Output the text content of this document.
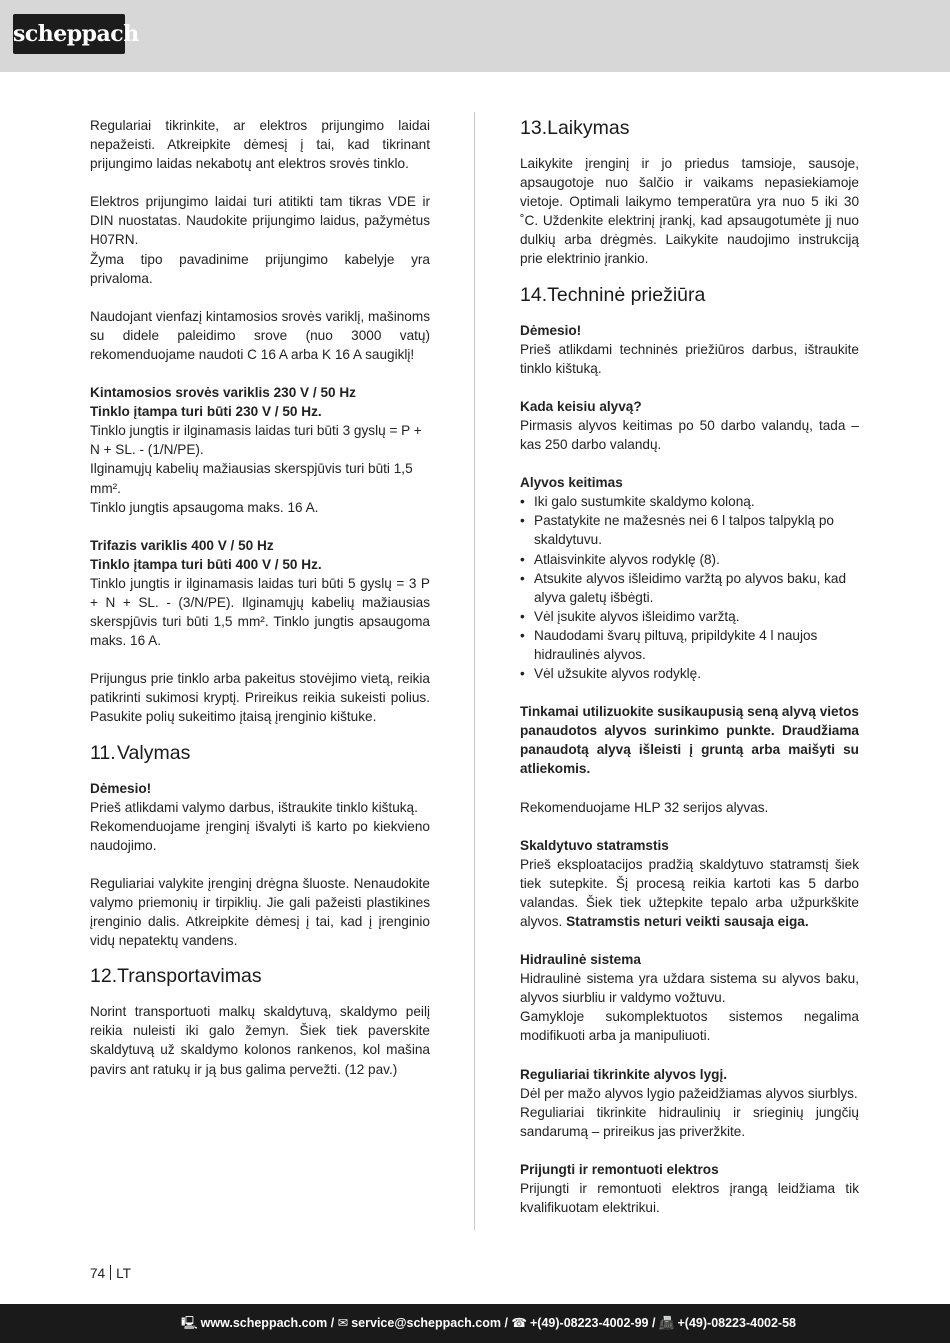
scheppach
Regulariai tikrinkite, ar elektros prijungimo laidai nepažeisti. Atkreipkite dėmesį į tai, kad tikrinant prijungimo laidas nekabotų ant elektros srovės tinklo.
Elektros prijungimo laidai turi atitikti tam tikras VDE ir DIN nuostatas. Naudokite prijungimo laidus, pažymėtus H07RN.
Žyma tipo pavadinime prijungimo kabelyje yra privaloma.
Naudojant vienfazį kintamosios srovės variklį, mašinoms su didele paleidimo srove (nuo 3000 vatų) rekomenduojame naudoti C 16 A arba K 16 A saugiklį!
Kintamosios srovės variklis 230 V / 50 Hz
Tinklo įtampa turi būti 230 V / 50 Hz.
Tinklo jungtis ir ilginamasis laidas turi būti 3 gyslų = P + N + SL. - (1/N/PE).
Ilginamųjų kabelių mažiausias skerspjūvis turi būti 1,5 mm².
Tinklo jungtis apsaugoma maks. 16 A.
Trifazis variklis 400 V / 50 Hz
Tinklo įtampa turi būti 400 V / 50 Hz.
Tinklo jungtis ir ilginamasis laidas turi būti 5 gyslų = 3 P + N + SL. - (3/N/PE). Ilginamųjų kabelių mažiausias skerspjūvis turi būti 1,5 mm². Tinklo jungtis apsaugoma maks. 16 A.
Prijungus prie tinklo arba pakeitus stovėjimo vietą, reikia patikrinti sukimosi kryptį. Prireikus reikia sukeisti polius. Pasukite polių sukeitimo įtaisą įrenginio kištuke.
11.Valymas
Dėmesio!
Prieš atlikdami valymo darbus, ištraukite tinklo kištuką.
Rekomenduojame įrenginį išvalyti iš karto po kiekvieno naudojimo.
Reguliariai valykite įrenginį drėgna šluoste. Nenaudokite valymo priemonių ir tirpiklių. Jie gali pažeisti plastikines įrenginio dalis. Atkreipkite dėmesį į tai, kad į įrenginio vidų nepatektų vandens.
12.Transportavimas
Norint transportuoti malkų skaldytuvą, skaldymo peilį reikia nuleisti iki galo žemyn. Šiek tiek paverskite skaldytuvą už skaldymo kolonos rankenos, kol mašina pavirs ant ratukų ir ją bus galima pervežti. (12 pav.)
13.Laikymas
Laikykite įrenginį ir jo priedus tamsioje, sausoje, apsaugotoje nuo šalčio ir vaikams nepasiekiamoje vietoje. Optimali laikymo temperatūra yra nuo 5 iki 30 ˚C. Uždenkite elektrinį įrankį, kad apsaugotumėte jį nuo dulkių arba drėgmės. Laikykite naudojimo instrukciją prie elektrinio įrankio.
14.Techninė priežiūra
Dėmesio!
Prieš atlikdami techninės priežiūros darbus, ištraukite tinklo kištuką.
Kada keisiu alyvą?
Pirmasis alyvos keitimas po 50 darbo valandų, tada – kas 250 darbo valandų.
Alyvos keitimas
• Iki galo sustumkite skaldymo koloną.
• Pastatykite ne mažesnės nei 6 l talpos talpyklą po skaldytuvu.
• Atlaisvinkite alyvos rodyklę (8).
• Atsukite alyvos išleidimo varžtą po alyvos baku, kad alyva galetų išbėgti.
• Vėl įsukite alyvos išleidimo varžtą.
• Naudodami švarų piltuvą, pripildykite 4 l naujos hidraulinės alyvos.
• Vėl užsukite alyvos rodyklę.
Tinkamai utilizuokite susikaupusią seną alyvą vietos panaudotos alyvos surinkimo punkte. Draudžiama panaudotą alyvą išleisti į gruntą arba maišyti su atliekomis.
Rekomenduojame HLP 32 serijos alyvas.
Skaldytuvo statramstis
Prieš eksploatacijos pradžią skaldytuvo statramstį šiek tiek sutepkite. Šį procesą reikia kartoti kas 5 darbo valandas. Šiek tiek užtepkite tepalo arba užpurkškite alyvos. Statramstis neturi veikti sausaja eiga.
Hidraulinė sistema
Hidraulinė sistema yra uždara sistema su alyvos baku, alyvos siurbliu ir valdymo vožtuvu.
Gamykloje sukomplektuotos sistemos negalima modifikuoti arba ja manipuliuoti.
Reguliariai tikrinkite alyvos lygį.
Dėl per mažo alyvos lygio pažeidžiamas alyvos siurblys.
Reguliariai tikrinkite hidraulinių ir srieginių jungčių sandarumą – prireikus jas priveržkite.
Prijungti ir remontuoti elektros
Prijungti ir remontuoti elektros įrangą leidžiama tik kvalifikuotam elektrikui.
74 LT
🖳 www.scheppach.com / ✉ service@scheppach.com / ☎ +(49)-08223-4002-99 / 📠 +(49)-08223-4002-58
